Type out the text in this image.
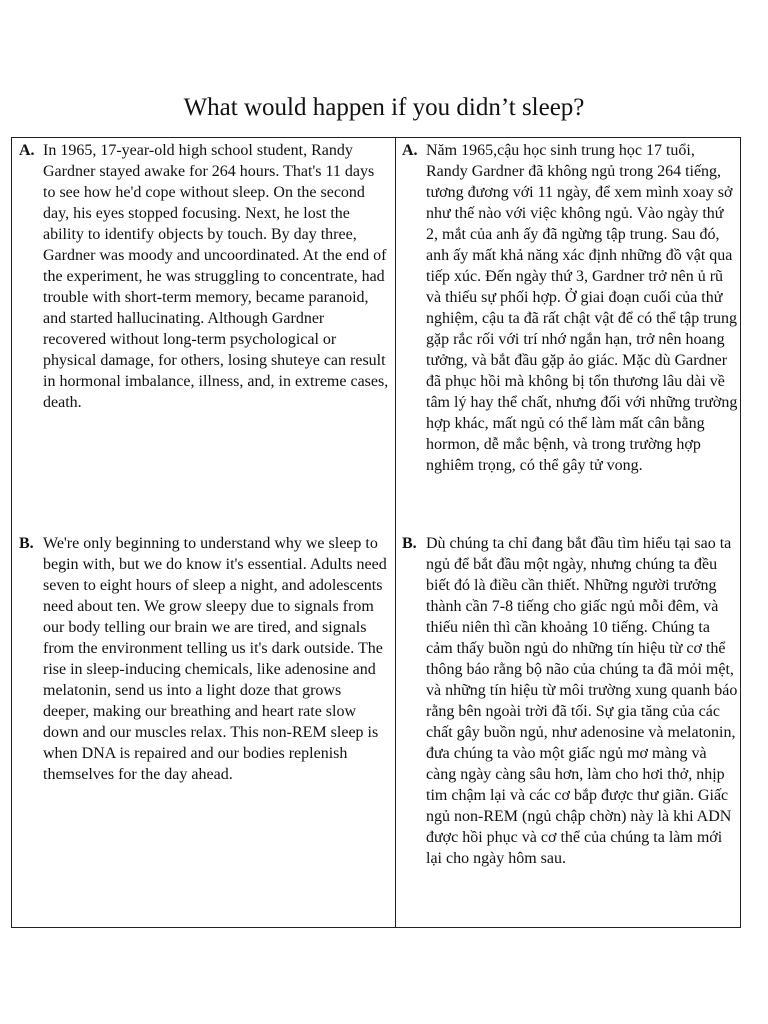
What would happen if you didn’t sleep?
A. In 1965, 17-year-old high school student, Randy Gardner stayed awake for 264 hours. That's 11 days to see how he'd cope without sleep. On the second day, his eyes stopped focusing. Next, he lost the ability to identify objects by touch. By day three, Gardner was moody and uncoordinated. At the end of the experiment, he was struggling to concentrate, had trouble with short-term memory, became paranoid, and started hallucinating. Although Gardner recovered without long-term psychological or physical damage, for others, losing shuteye can result in hormonal imbalance, illness, and, in extreme cases, death.
A. Năm 1965,cậu học sinh trung học 17 tuổi, Randy Gardner đã không ngủ trong 264 tiếng, tương đương với 11 ngày, để xem mình xoay sở như thế nào với việc không ngủ. Vào ngày thứ 2, mắt của anh ấy đã ngừng tập trung. Sau đó, anh ấy mất khả năng xác định những đồ vật qua tiếp xúc. Đến ngày thứ 3, Gardner trở nên ủ rũ và thiếu sự phối hợp. Ở giai đoạn cuối của thử nghiệm, cậu ta đã rất chật vật để có thể tập trung gặp rắc rối với trí nhớ ngắn hạn, trở nên hoang tưởng, và bắt đầu gặp ảo giác. Mặc dù Gardner đã phục hồi mà không bị tổn thương lâu dài về tâm lý hay thể chất, nhưng đối với những trường hợp khác, mất ngủ có thể làm mất cân bằng hormon, dễ mắc bệnh, và trong trường hợp nghiêm trọng, có thể gây tử vong.
B. We're only beginning to understand why we sleep to begin with, but we do know it's essential. Adults need seven to eight hours of sleep a night, and adolescents need about ten. We grow sleepy due to signals from our body telling our brain we are tired, and signals from the environment telling us it's dark outside. The rise in sleep-inducing chemicals, like adenosine and melatonin, send us into a light doze that grows deeper, making our breathing and heart rate slow down and our muscles relax. This non-REM sleep is when DNA is repaired and our bodies replenish themselves for the day ahead.
B. Dù chúng ta chỉ đang bắt đầu tìm hiểu tại sao ta ngủ để bắt đầu một ngày, nhưng chúng ta đều biết đó là điều cần thiết. Những người trưởng thành cần 7-8 tiếng cho giấc ngủ mỗi đêm, và thiếu niên thì cần khoảng 10 tiếng. Chúng ta cảm thấy buồn ngủ do những tín hiệu từ cơ thể thông báo rằng bộ não của chúng ta đã mỏi mệt, và những tín hiệu từ môi trường xung quanh báo rằng bên ngoài trời đã tối. Sự gia tăng của các chất gây buồn ngủ, như adenosine và melatonin, đưa chúng ta vào một giấc ngủ mơ màng và càng ngày càng sâu hơn, làm cho hơi thở, nhịp tim chậm lại và các cơ bắp được thư giãn. Giấc ngủ non-REM (ngủ chập chờn) này là khi ADN được hồi phục và cơ thể của chúng ta làm mới lại cho ngày hôm sau.
